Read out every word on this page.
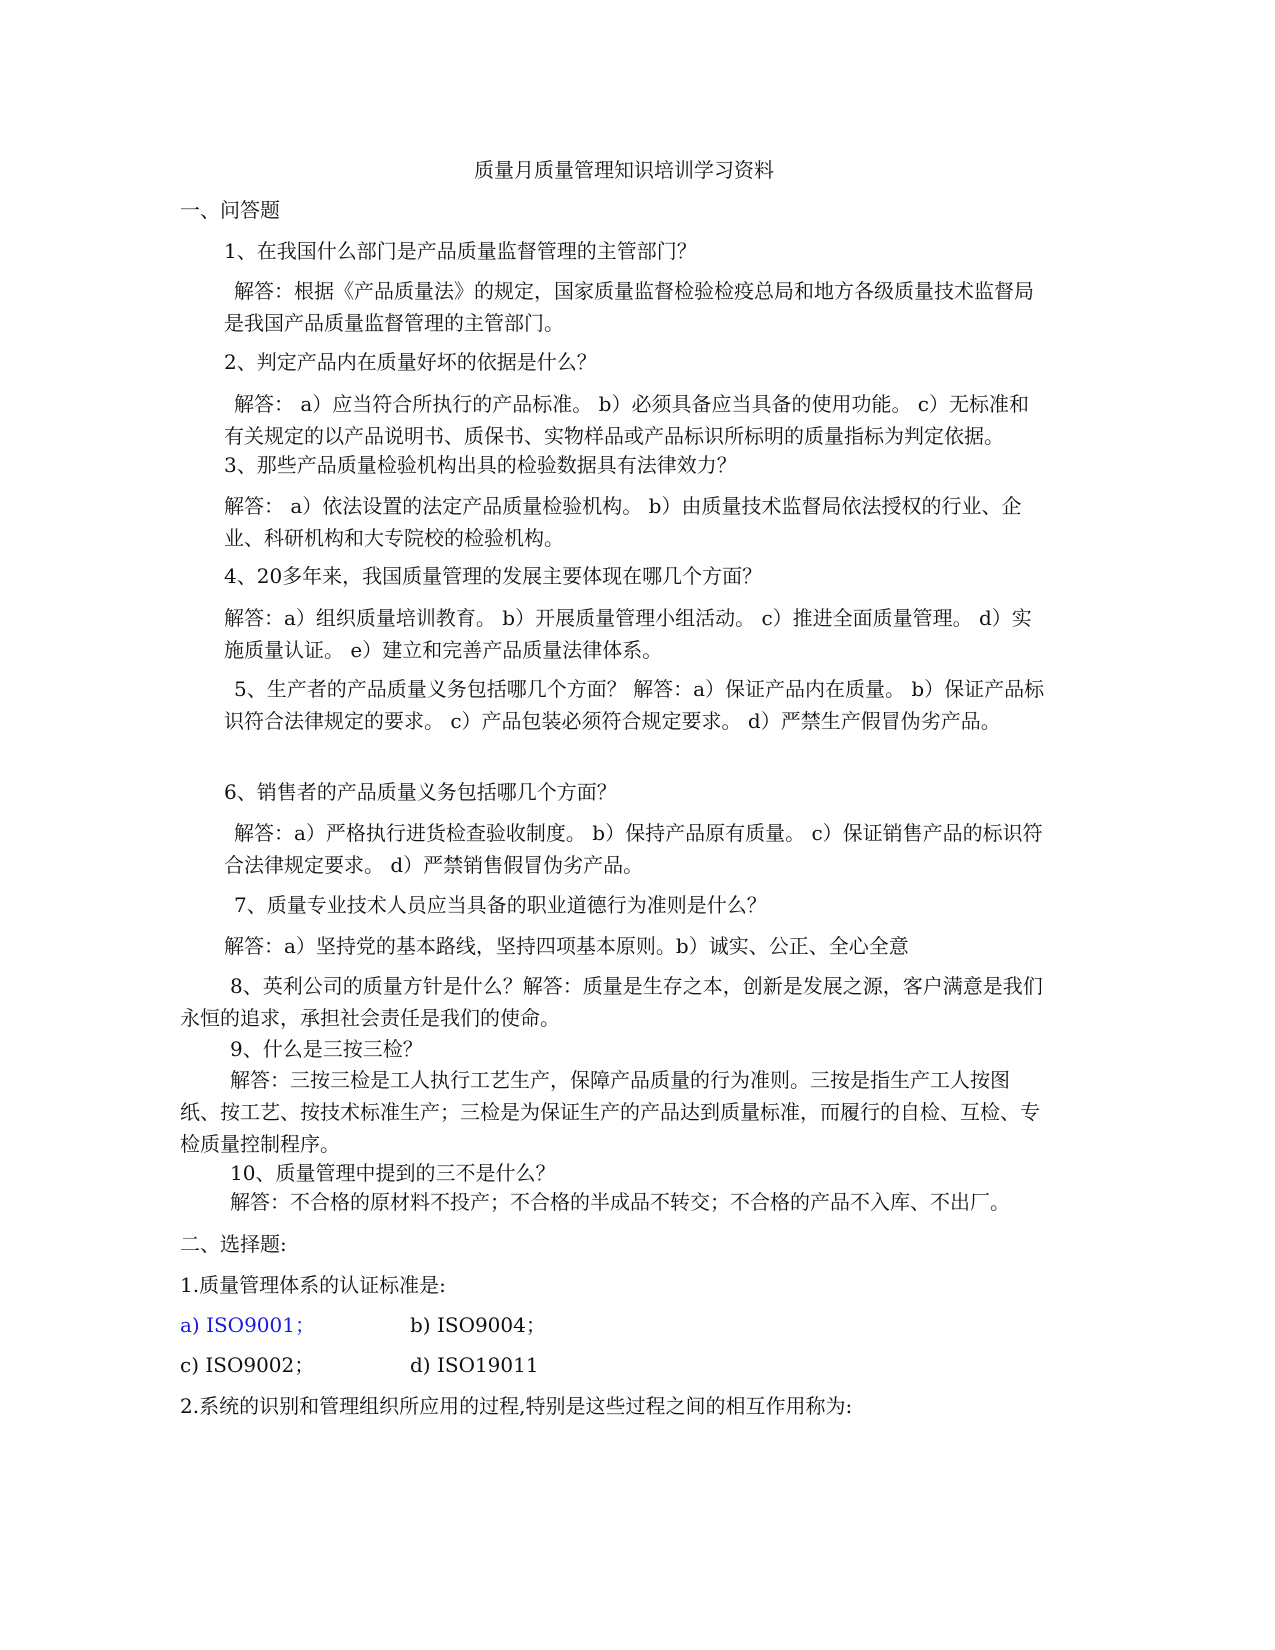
质量月质量管理知识培训学习资料

一、问答题

1、在我国什么部门是产品质量监督管理的主管部门？

解答：根据《产品质量法》的规定，国家质量监督检验检疫总局和地方各级质量技术监督局是我国产品质量监督管理的主管部门。

2、判定产品内在质量好坏的依据是什么？

解答： a）应当符合所执行的产品标准。 b）必须具备应当具备的使用功能。 c）无标准和有关规定的以产品说明书、质保书、实物样品或产品标识所标明的质量指标为判定依据。

3、那些产品质量检验机构出具的检验数据具有法律效力？

解答： a）依法设置的法定产品质量检验机构。 b）由质量技术监督局依法授权的行业、企业、科研机构和大专院校的检验机构。

4、20多年来，我国质量管理的发展主要体现在哪几个方面？

解答：a）组织质量培训教育。 b）开展质量管理小组活动。 c）推进全面质量管理。 d）实施质量认证。 e）建立和完善产品质量法律体系。

5、生产者的产品质量义务包括哪几个方面？ 解答：a）保证产品内在质量。 b）保证产品标识符合法律规定的要求。 c）产品包装必须符合规定要求。 d）严禁生产假冒伪劣产品。

6、销售者的产品质量义务包括哪几个方面？

解答：a）严格执行进货检查验收制度。 b）保持产品原有质量。 c）保证销售产品的标识符合法律规定要求。 d）严禁销售假冒伪劣产品。

7、质量专业技术人员应当具备的职业道德行为准则是什么？

解答：a）坚持党的基本路线，坚持四项基本原则。b）诚实、公正、全心全意

8、英利公司的质量方针是什么？解答：质量是生存之本，创新是发展之源，客户满意是我们永恒的追求，承担社会责任是我们的使命。

9、什么是三按三检？

解答：三按三检是工人执行工艺生产，保障产品质量的行为准则。三按是指生产工人按图纸、按工艺、按技术标准生产；三检是为保证生产的产品达到质量标准，而履行的自检、互检、专检质量控制程序。

10、质量管理中提到的三不是什么？

解答：不合格的原材料不投产；不合格的半成品不转交；不合格的产品不入库、不出厂。

二、选择题:

1.质量管理体系的认证标准是:

a) ISO9001；	b) ISO9004；

c) ISO9002；	d) ISO19011

2.系统的识别和管理组织所应用的过程,特别是这些过程之间的相互作用称为:
